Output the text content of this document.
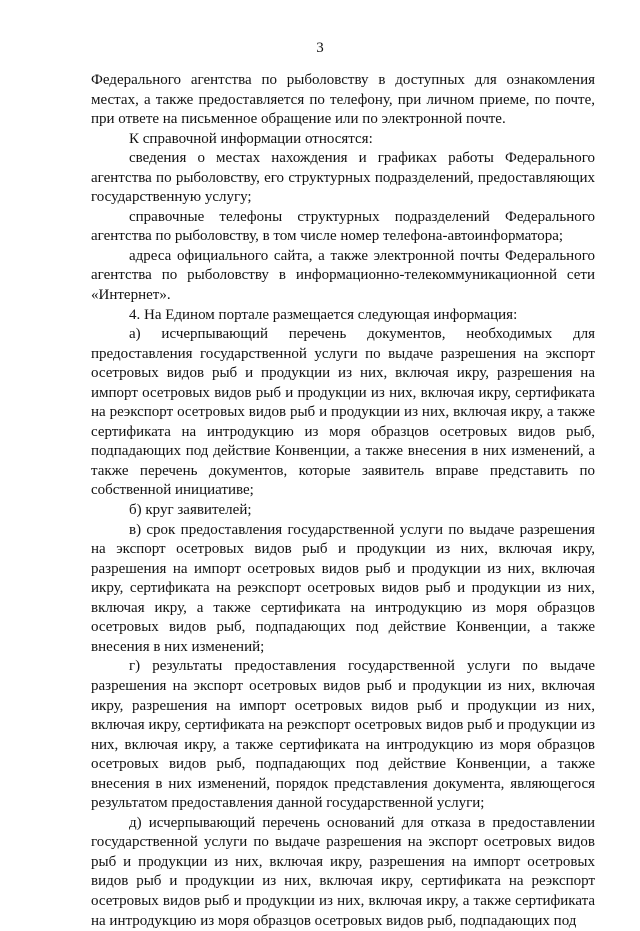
3

Федерального агентства по рыболовству в доступных для ознакомления местах, а также предоставляется по телефону, при личном приеме, по почте, при ответе на письменное обращение или по электронной почте.

К справочной информации относятся:

сведения о местах нахождения и графиках работы Федерального агентства по рыболовству, его структурных подразделений, предоставляющих государственную услугу;

справочные телефоны структурных подразделений Федерального агентства по рыболовству, в том числе номер телефона-автоинформатора;

адреса официального сайта, а также электронной почты Федерального агентства по рыболовству в информационно-телекоммуникационной сети «Интернет».

4. На Едином портале размещается следующая информация:

а) исчерпывающий перечень документов, необходимых для предоставления государственной услуги по выдаче разрешения на экспорт осетровых видов рыб и продукции из них, включая икру, разрешения на импорт осетровых видов рыб и продукции из них, включая икру, сертификата на реэкспорт осетровых видов рыб и продукции из них, включая икру, а также сертификата на интродукцию из моря образцов осетровых видов рыб, подпадающих под действие Конвенции, а также внесения в них изменений, а также перечень документов, которые заявитель вправе представить по собственной инициативе;

б) круг заявителей;

в) срок предоставления государственной услуги по выдаче разрешения на экспорт осетровых видов рыб и продукции из них, включая икру, разрешения на импорт осетровых видов рыб и продукции из них, включая икру, сертификата на реэкспорт осетровых видов рыб и продукции из них, включая икру, а также сертификата на интродукцию из моря образцов осетровых видов рыб, подпадающих под действие Конвенции, а также внесения в них изменений;

г) результаты предоставления государственной услуги по выдаче разрешения на экспорт осетровых видов рыб и продукции из них, включая икру, разрешения на импорт осетровых видов рыб и продукции из них, включая икру, сертификата на реэкспорт осетровых видов рыб и продукции из них, включая икру, а также сертификата на интродукцию из моря образцов осетровых видов рыб, подпадающих под действие Конвенции, а также внесения в них изменений, порядок представления документа, являющегося результатом предоставления данной государственной услуги;

д) исчерпывающий перечень оснований для отказа в предоставлении государственной услуги по выдаче разрешения на экспорт осетровых видов рыб и продукции из них, включая икру, разрешения на импорт осетровых видов рыб и продукции из них, включая икру, сертификата на реэкспорт осетровых видов рыб и продукции из них, включая икру, а также сертификата на интродукцию из моря образцов осетровых видов рыб, подпадающих под
